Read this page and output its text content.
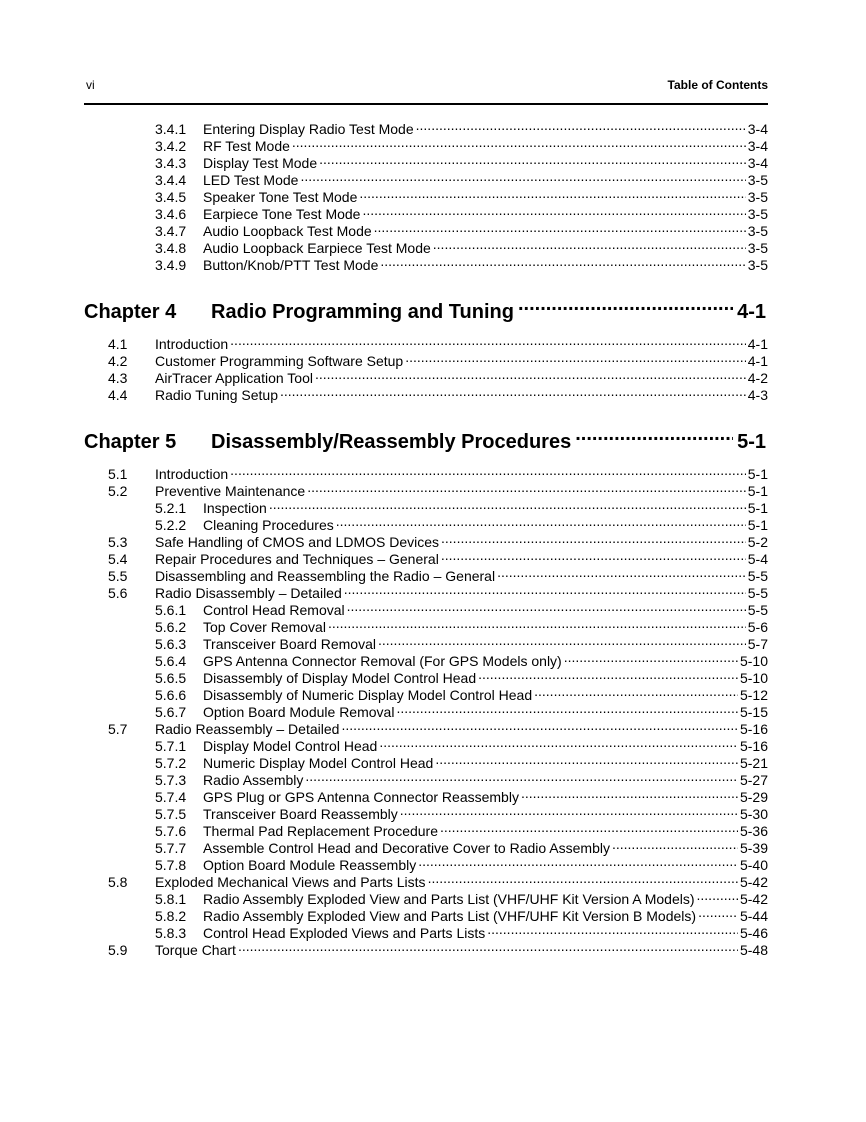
vi	Table of Contents
3.4.1	Entering Display Radio Test Mode .....	3-4
3.4.2	RF Test Mode .....	3-4
3.4.3	Display Test Mode .....	3-4
3.4.4	LED Test Mode .....	3-5
3.4.5	Speaker Tone Test Mode .....	3-5
3.4.6	Earpiece Tone Test Mode .....	3-5
3.4.7	Audio Loopback Test Mode .....	3-5
3.4.8	Audio Loopback Earpiece Test Mode .....	3-5
3.4.9	Button/Knob/PTT Test Mode .....	3-5
Chapter 4	Radio Programming and Tuning .....	4-1
4.1	Introduction .....	4-1
4.2	Customer Programming Software Setup .....	4-1
4.3	AirTracer Application Tool .....	4-2
4.4	Radio Tuning Setup .....	4-3
Chapter 5	Disassembly/Reassembly Procedures .....	5-1
5.1	Introduction .....	5-1
5.2	Preventive Maintenance .....	5-1
5.2.1	Inspection .....	5-1
5.2.2	Cleaning Procedures .....	5-1
5.3	Safe Handling of CMOS and LDMOS Devices .....	5-2
5.4	Repair Procedures and Techniques – General .....	5-4
5.5	Disassembling and Reassembling the Radio – General .....	5-5
5.6	Radio Disassembly – Detailed .....	5-5
5.6.1	Control Head Removal .....	5-5
5.6.2	Top Cover Removal .....	5-6
5.6.3	Transceiver Board Removal .....	5-7
5.6.4	GPS Antenna Connector Removal (For GPS Models only) .....	5-10
5.6.5	Disassembly of Display Model Control Head .....	5-10
5.6.6	Disassembly of Numeric Display Model Control Head .....	5-12
5.6.7	Option Board Module Removal .....	5-15
5.7	Radio Reassembly – Detailed .....	5-16
5.7.1	Display Model Control Head .....	5-16
5.7.2	Numeric Display Model Control Head .....	5-21
5.7.3	Radio Assembly .....	5-27
5.7.4	GPS Plug or GPS Antenna Connector Reassembly .....	5-29
5.7.5	Transceiver Board Reassembly .....	5-30
5.7.6	Thermal Pad Replacement Procedure .....	5-36
5.7.7	Assemble Control Head and Decorative Cover to Radio Assembly .....	5-39
5.7.8	Option Board Module Reassembly .....	5-40
5.8	Exploded Mechanical Views and Parts Lists .....	5-42
5.8.1	Radio Assembly Exploded View and Parts List (VHF/UHF Kit Version A Models) .....	5-42
5.8.2	Radio Assembly Exploded View and Parts List (VHF/UHF Kit Version B Models) .....	5-44
5.8.3	Control Head Exploded Views and Parts Lists .....	5-46
5.9	Torque Chart .....	5-48
